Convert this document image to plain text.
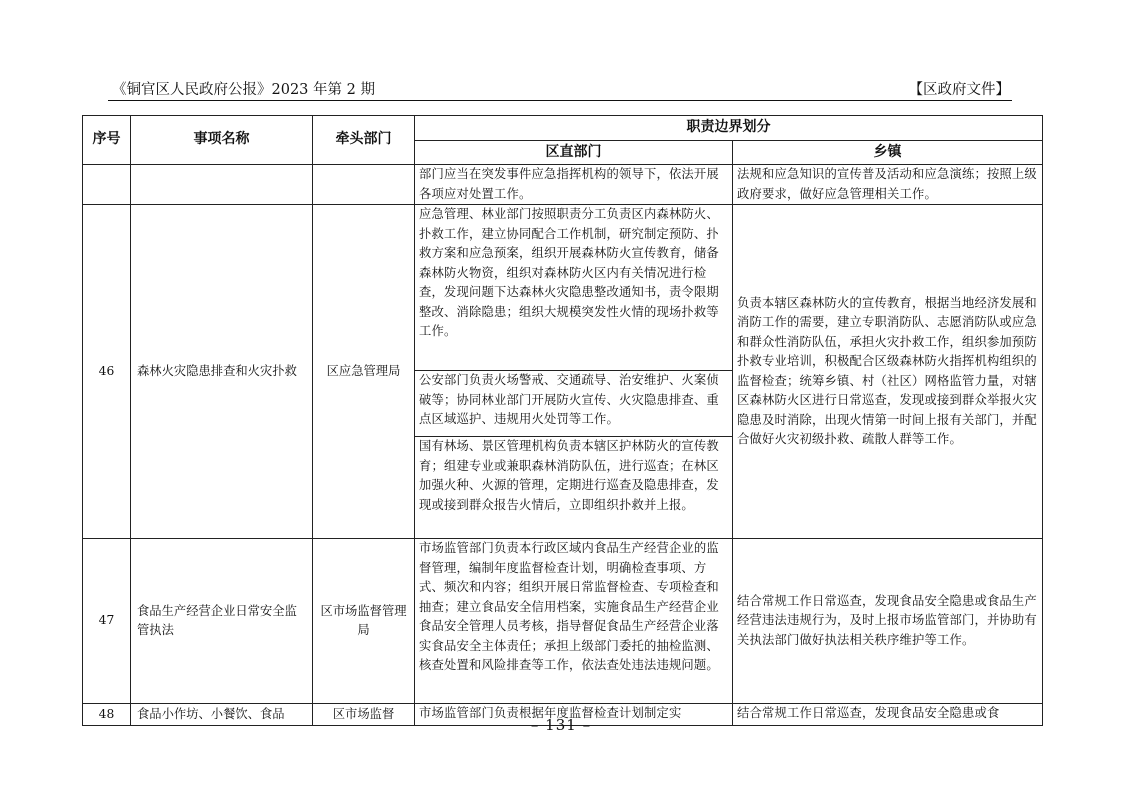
《铜官区人民政府公报》2023 年第 2 期	【区政府文件】
序号	事项名称	牵头部门	职责边界划分	
			区直部门	乡镇

			部门应当在突发事件应急指挥机构的领导下，依法开展各项应对处置工作。	法规和应急知识的宣传普及活动和应急演练；按照上级政府要求，做好应急管理相关工作。

46	森林火灾隐患排查和火灾扑救	区应急管理局	应急管理、林业部门按照职责分工负责区内森林防火、扑救工作，建立协同配合工作机制，研究制定预防、扑救方案和应急预案，组织开展森林防火宣传教育，储备森林防火物资，组织对森林防火区内有关情况进行检查，发现问题下达森林火灾隐患整改通知书，责令限期整改、消除隐患；组织大规模突发性火情的现场扑救等工作。	负责本辖区森林防火的宣传教育，根据当地经济发展和消防工作的需要，建立专职消防队、志愿消防队或应急和群众性消防队伍，承担火灾扑救工作，组织参加预防扑救专业培训，积极配合区级森林防火指挥机构组织的监督检查；统筹乡镇、村（社区）网格监管力量，对辖区森林防火区进行日常巡查，发现或接到群众举报火灾隐患及时消除，出现火情第一时间上报有关部门，并配合做好火灾初级扑救、疏散人群等工作。

			公安部门负责火场警戒、交通疏导、治安维护、火案侦破等；协同林业部门开展防火宣传、火灾隐患排查、重点区域巡护、违规用火处罚等工作。	

			国有林场、景区管理机构负责本辖区护林防火的宣传教育；组建专业或兼职森林消防队伍，进行巡查；在林区加强火种、火源的管理，定期进行巡查及隐患排查，发现或接到群众报告火情后，立即组织扑救并上报。	

47	食品生产经营企业日常安全监管执法	区市场监督管理局	市场监管部门负责本行政区域内食品生产经营企业的监督管理，编制年度监督检查计划，明确检查事项、方式、频次和内容；组织开展日常监督检查、专项检查和抽查；建立食品安全信用档案，实施食品生产经营企业食品安全管理人员考核，指导督促食品生产经营企业落实食品安全主体责任；承担上级部门委托的抽检监测、核查处置和风险排查等工作，依法查处违法违规问题。	结合常规工作日常巡查，发现食品安全隐患或食品生产经营违法违规行为，及时上报市场监管部门，并协助有关执法部门做好执法相关秩序维护等工作。

48	食品小作坊、小餐饮、食品	区市场监督	市场监管部门负责根据年度监督检查计划制定实	结合常规工作日常巡查，发现食品安全隐患或食
– 131 –
